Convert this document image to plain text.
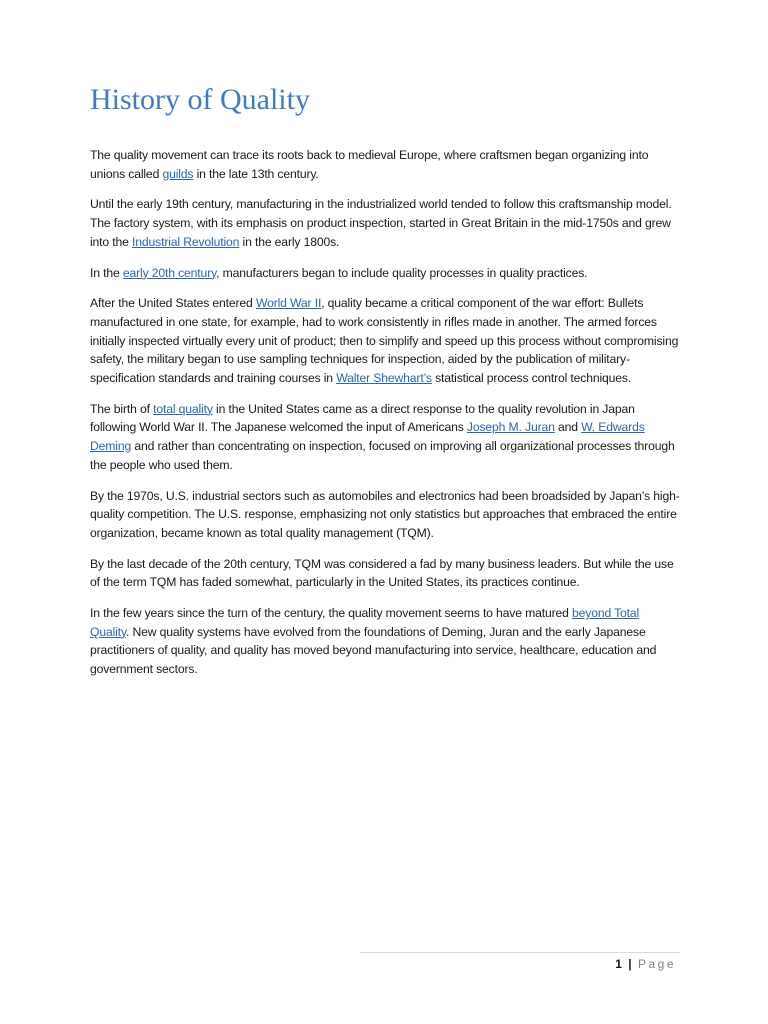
History of Quality

The quality movement can trace its roots back to medieval Europe, where craftsmen began organizing into unions called guilds in the late 13th century.

Until the early 19th century, manufacturing in the industrialized world tended to follow this craftsmanship model. The factory system, with its emphasis on product inspection, started in Great Britain in the mid-1750s and grew into the Industrial Revolution in the early 1800s.

In the early 20th century, manufacturers began to include quality processes in quality practices.

After the United States entered World War II, quality became a critical component of the war effort: Bullets manufactured in one state, for example, had to work consistently in rifles made in another. The armed forces initially inspected virtually every unit of product; then to simplify and speed up this process without compromising safety, the military began to use sampling techniques for inspection, aided by the publication of military-specification standards and training courses in Walter Shewhart’s statistical process control techniques.

The birth of total quality in the United States came as a direct response to the quality revolution in Japan following World War II. The Japanese welcomed the input of Americans Joseph M. Juran and W. Edwards Deming and rather than concentrating on inspection, focused on improving all organizational processes through the people who used them.

By the 1970s, U.S. industrial sectors such as automobiles and electronics had been broadsided by Japan’s high-quality competition. The U.S. response, emphasizing not only statistics but approaches that embraced the entire organization, became known as total quality management (TQM).

By the last decade of the 20th century, TQM was considered a fad by many business leaders. But while the use of the term TQM has faded somewhat, particularly in the United States, its practices continue.

In the few years since the turn of the century, the quality movement seems to have matured beyond Total Quality. New quality systems have evolved from the foundations of Deming, Juran and the early Japanese practitioners of quality, and quality has moved beyond manufacturing into service, healthcare, education and government sectors.

1 | Page
